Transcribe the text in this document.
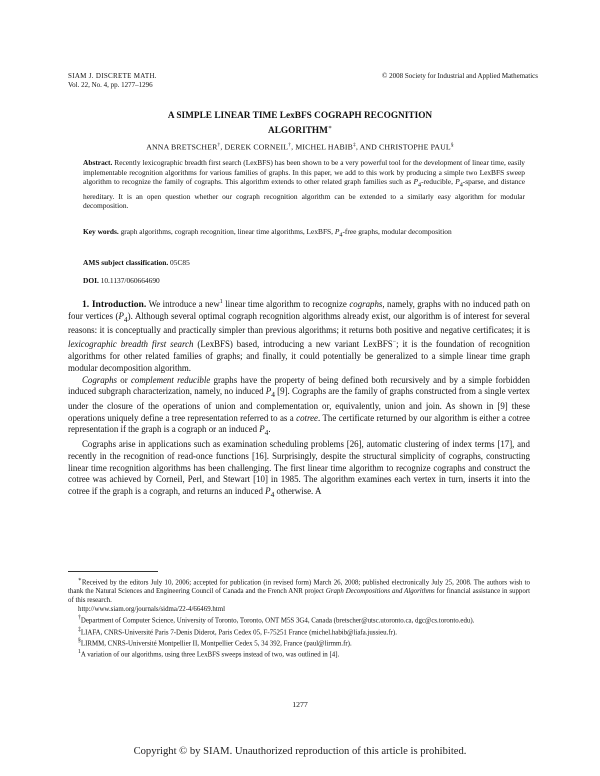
SIAM J. DISCRETE MATH.
Vol. 22, No. 4, pp. 1277–1296
© 2008 Society for Industrial and Applied Mathematics
A SIMPLE LINEAR TIME LexBFS COGRAPH RECOGNITION
ALGORITHM∗
ANNA BRETSCHER†, DEREK CORNEIL†, MICHEL HABIB‡, AND CHRISTOPHE PAUL§
Abstract. Recently lexicographic breadth first search (LexBFS) has been shown to be a very powerful tool for the development of linear time, easily implementable recognition algorithms for various families of graphs. In this paper, we add to this work by producing a simple two LexBFS sweep algorithm to recognize the family of cographs. This algorithm extends to other related graph families such as $P_4$-reducible, $P_4$-sparse, and distance hereditary. It is an open question whether our cograph recognition algorithm can be extended to a similarly easy algorithm for modular decomposition.
Key words. graph algorithms, cograph recognition, linear time algorithms, LexBFS, $P_4$-free graphs, modular decomposition
AMS subject classification. 05C85
DOI. 10.1137/060664690

1. Introduction. We introduce a new$^1$ linear time algorithm to recognize cographs, namely, graphs with no induced path on four vertices $(P_4)$. Although several optimal cograph recognition algorithms already exist, our algorithm is of interest for several reasons: it is conceptually and practically simpler than previous algorithms; it returns both positive and negative certificates; it is lexicographic breadth first search (LexBFS) based, introducing a new variant LexBFS−; it is the foundation of recognition algorithms for other related families of graphs; and finally, it could potentially be generalized to a simple linear time graph modular decomposition algorithm.

Cographs or complement reducible graphs have the property of being defined both recursively and by a simple forbidden induced subgraph characterization, namely, no induced $P_4$ [9]. Cographs are the family of graphs constructed from a single vertex under the closure of the operations of union and complementation or, equivalently, union and join. As shown in [9] these operations uniquely define a tree representation referred to as a cotree. The certificate returned by our algorithm is either a cotree representation if the graph is a cograph or an induced $P_4$.

Cographs arise in applications such as examination scheduling problems [26], automatic clustering of index terms [17], and recently in the recognition of read-once functions [16]. Surprisingly, despite the structural simplicity of cographs, constructing linear time recognition algorithms has been challenging. The first linear time algorithm to recognize cographs and construct the cotree was achieved by Corneil, Perl, and Stewart [10] in 1985. The algorithm examines each vertex in turn, inserts it into the cotree if the graph is a cograph, and returns an induced $P_4$ otherwise. A

∗Received by the editors July 10, 2006; accepted for publication (in revised form) March 26, 2008; published electronically July 25, 2008. The authors wish to thank the Natural Sciences and Engineering Council of Canada and the French ANR project Graph Decompositions and Algorithms for financial assistance in support of this research.

http://www.siam.org/journals/sidma/22-4/66469.html

†Department of Computer Science, University of Toronto, Toronto, ONT M5S 3G4, Canada (bretscher@utsc.utoronto.ca, dgc@cs.toronto.edu).

‡LIAFA, CNRS-Université Paris 7-Denis Diderot, Paris Cedex 05, F-75251 France (michel.habib@liafa.jussieu.fr).

§LIRMM, CNRS-Université Montpellier II, Montpellier Cedex 5, 34 392, France (paul@lirmm.fr).

$^1$A variation of our algorithms, using three LexBFS sweeps instead of two, was outlined in [4].

1277
Copyright © by SIAM. Unauthorized reproduction of this article is prohibited.
